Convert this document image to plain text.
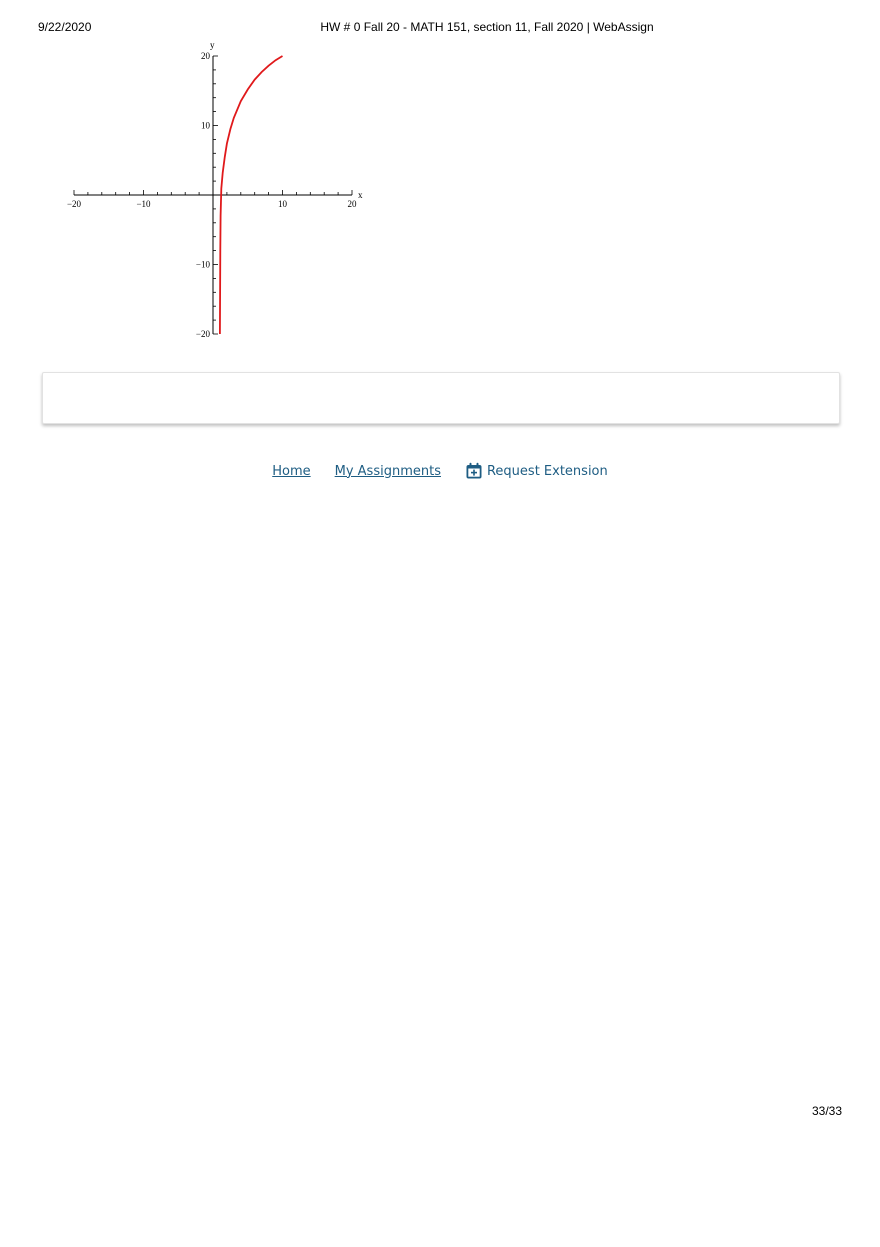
9/22/2020	HW # 0 Fall 20 - MATH 151, section 11, Fall 2020 | WebAssign
−20	−10	10	20
20
10
−10
−20
x
y
Home My Assignments	Request Extension
33/33
